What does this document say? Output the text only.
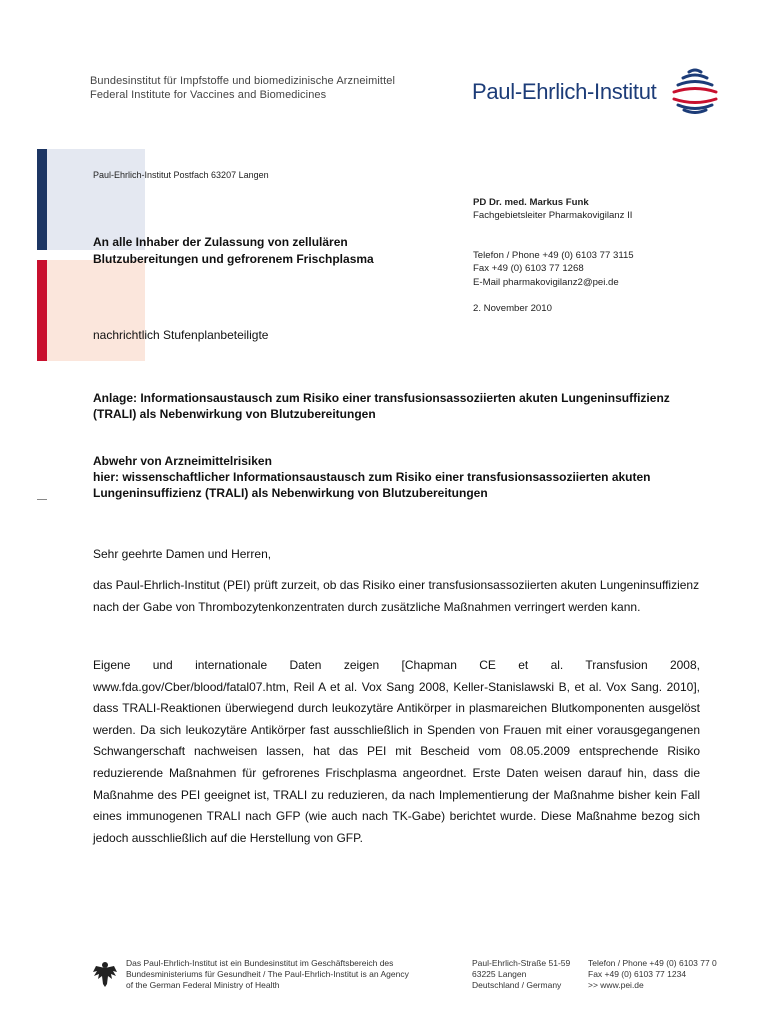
Bundesinstitut für Impfstoffe und biomedizinische Arzneimittel
Federal Institute for Vaccines and Biomedicines	Paul-Ehrlich-Institut
Paul-Ehrlich-Institut Postfach 63207 Langen
An alle Inhaber der Zulassung von zellulären Blutzubereitungen und gefrorenem Frischplasma
nachrichtlich Stufenplanbeteiligte
PD Dr. med. Markus Funk
Fachgebietsleiter Pharmakovigilanz II
Telefon / Phone +49 (0) 6103 77 3115
Fax +49 (0) 6103 77 1268
E-Mail pharmakovigilanz2@pei.de
2. November 2010
Anlage: Informationsaustausch zum Risiko einer transfusionsassoziierten akuten Lungeninsuffizienz (TRALI) als Nebenwirkung von Blutzubereitungen
Abwehr von Arzneimittelrisiken
hier: wissenschaftlicher Informationsaustausch zum Risiko einer transfusionsassoziierten akuten Lungeninsuffizienz (TRALI) als Nebenwirkung von Blutzubereitungen
Sehr geehrte Damen und Herren,
das Paul-Ehrlich-Institut (PEI) prüft zurzeit, ob das Risiko einer transfusionsassoziierten akuten Lungeninsuffizienz nach der Gabe von Thrombozytenkonzentraten durch zusätzliche Maßnahmen verringert werden kann.
Eigene und internationale Daten zeigen [Chapman CE et al. Transfusion 2008, www.fda.gov/Cber/blood/fatal07.htm, Reil A et al. Vox Sang 2008, Keller-Stanislawski B, et al. Vox Sang. 2010], dass TRALI-Reaktionen überwiegend durch leukozytäre Antikörper in plasmareichen Blutkomponenten ausgelöst werden. Da sich leukozytäre Antikörper fast ausschließlich in Spenden von Frauen mit einer vorausgegangenen Schwangerschaft nachweisen lassen, hat das PEI mit Bescheid vom 08.05.2009 entsprechende Risiko reduzierende Maßnahmen für gefrorenes Frischplasma angeordnet. Erste Daten weisen darauf hin, dass die Maßnahme des PEI geeignet ist, TRALI zu reduzieren, da nach Implementierung der Maßnahme bisher kein Fall eines immunogenen TRALI nach GFP (wie auch nach TK-Gabe) berichtet wurde. Diese Maßnahme bezog sich jedoch ausschließlich auf die Herstellung von GFP.
Das Paul-Ehrlich-Institut ist ein Bundesinstitut im Geschäftsbereich des
Bundesministeriums für Gesundheit / The Paul-Ehrlich-Institut is an Agency
of the German Federal Ministry of Health
Paul-Ehrlich-Straße 51-59
63225 Langen
Deutschland / Germany
Telefon / Phone +49 (0) 6103 77 0
Fax +49 (0) 6103 77 1234
>> www.pei.de
